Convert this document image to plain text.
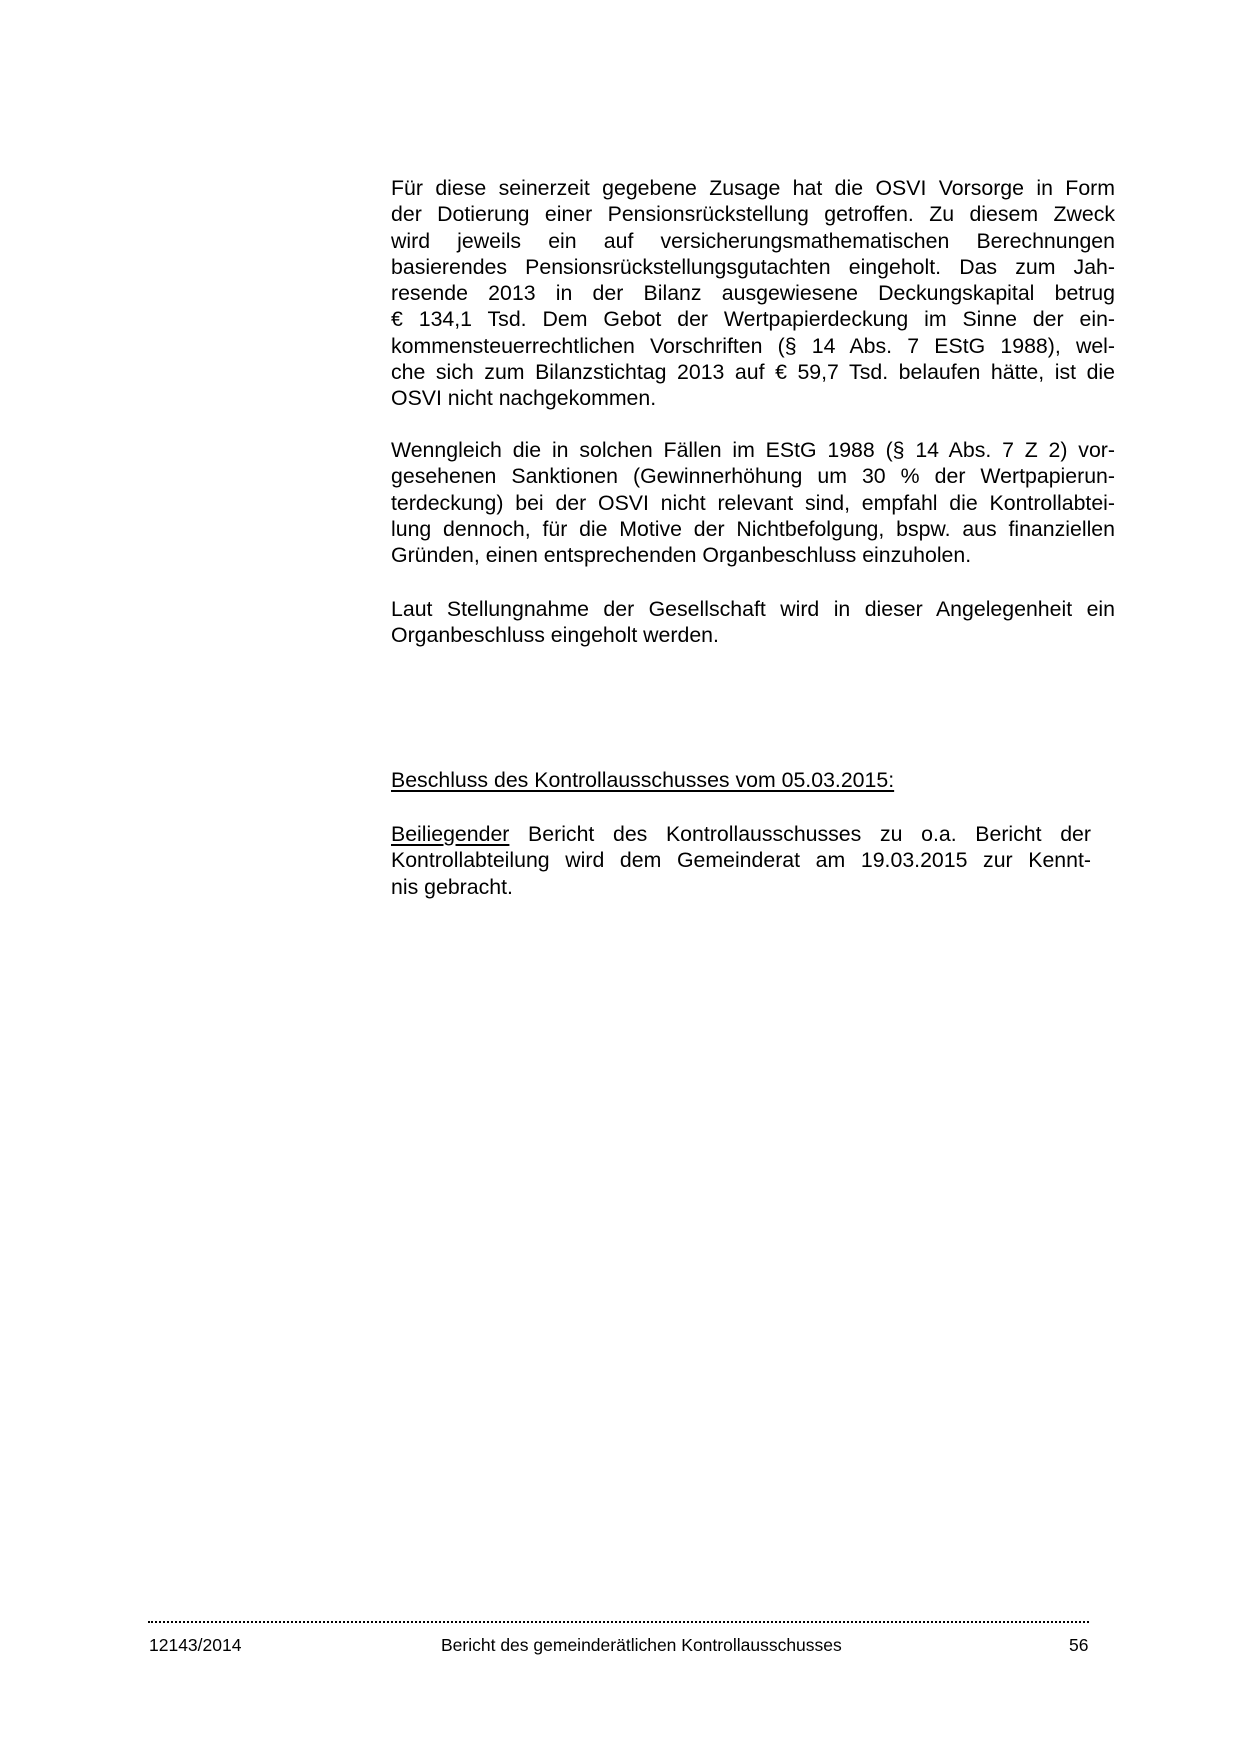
Für diese seinerzeit gegebene Zusage hat die OSVI Vorsorge in Form
der Dotierung einer Pensionsrückstellung getroffen. Zu diesem Zweck
wird jeweils ein auf versicherungsmathematischen Berechnungen
basierendes Pensionsrückstellungsgutachten eingeholt. Das zum Jah-
resende 2013 in der Bilanz ausgewiesene Deckungskapital betrug
€ 134,1 Tsd. Dem Gebot der Wertpapierdeckung im Sinne der ein-
kommensteuerrechtlichen Vorschriften (§ 14 Abs. 7 EStG 1988), wel-
che sich zum Bilanzstichtag 2013 auf € 59,7 Tsd. belaufen hätte, ist die
OSVI nicht nachgekommen.
Wenngleich die in solchen Fällen im EStG 1988 (§ 14 Abs. 7 Z 2) vor-
gesehenen Sanktionen (Gewinnerhöhung um 30 % der Wertpapierun-
terdeckung) bei der OSVI nicht relevant sind, empfahl die Kontrollabtei-
lung dennoch, für die Motive der Nichtbefolgung, bspw. aus finanziellen
Gründen, einen entsprechenden Organbeschluss einzuholen.
Laut Stellungnahme der Gesellschaft wird in dieser Angelegenheit ein
Organbeschluss eingeholt werden.
Beschluss des Kontrollausschusses vom 05.03.2015:
Beiliegender Bericht des Kontrollausschusses zu o.a. Bericht der
Kontrollabteilung wird dem Gemeinderat am 19.03.2015 zur Kennt-
nis gebracht.
12143/2014	Bericht des gemeinderätlichen Kontrollausschusses	56
